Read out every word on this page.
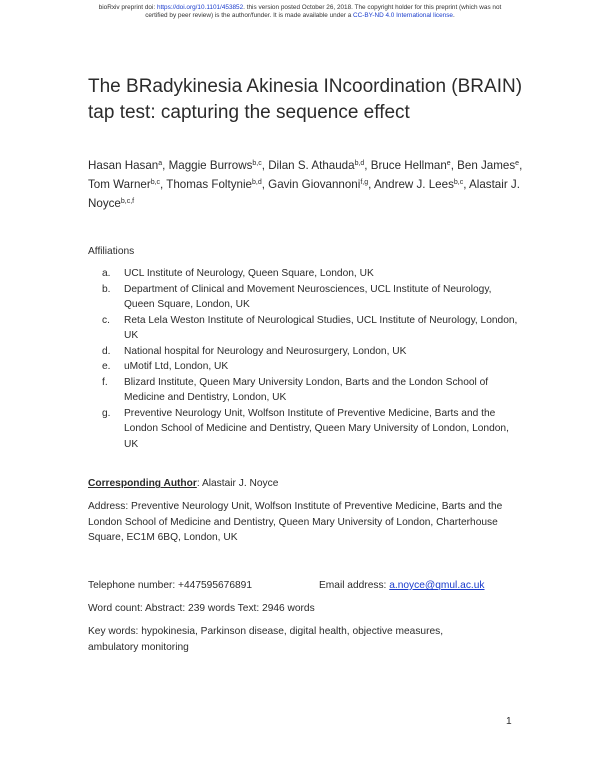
bioRxiv preprint doi: https://doi.org/10.1101/453852. this version posted October 26, 2018. The copyright holder for this preprint (which was not
certified by peer review) is the author/funder. It is made available under a CC-BY-ND 4.0 International license.
The BRadykinesia Akinesia INcoordination (BRAIN)
tap test: capturing the sequence effect
Hasan Hasan$^a$, Maggie Burrows$^{b,c}$, Dilan S. Athauda$^{b,d}$, Bruce Hellman$^e$, Ben James$^e$, Tom Warner$^{b,c}$, Thomas Foltynie$^{b,d}$, Gavin Giovannoni$^{f,g}$, Andrew J. Lees$^{b,c}$, Alastair J. Noyce$^{b,c,f}$
Affiliations
a. UCL Institute of Neurology, Queen Square, London, UK
b. Department of Clinical and Movement Neurosciences, UCL Institute of Neurology, Queen Square, London, UK
c. Reta Lela Weston Institute of Neurological Studies, UCL Institute of Neurology, London, UK
d. National hospital for Neurology and Neurosurgery, London, UK
e. uMotif Ltd, London, UK
f. Blizard Institute, Queen Mary University London, Barts and the London School of Medicine and Dentistry, London, UK
g. Preventive Neurology Unit, Wolfson Institute of Preventive Medicine, Barts and the London School of Medicine and Dentistry, Queen Mary University of London, London, UK
Corresponding Author: Alastair J. Noyce
Address: Preventive Neurology Unit, Wolfson Institute of Preventive Medicine, Barts and the London School of Medicine and Dentistry, Queen Mary University of London, Charterhouse Square, EC1M 6BQ, London, UK
Telephone number: +447595676891	Email address: a.noyce@qmul.ac.uk
Word count: Abstract: 239 words Text: 2946 words
Key words: hypokinesia, Parkinson disease, digital health, objective measures, ambulatory monitoring
1
